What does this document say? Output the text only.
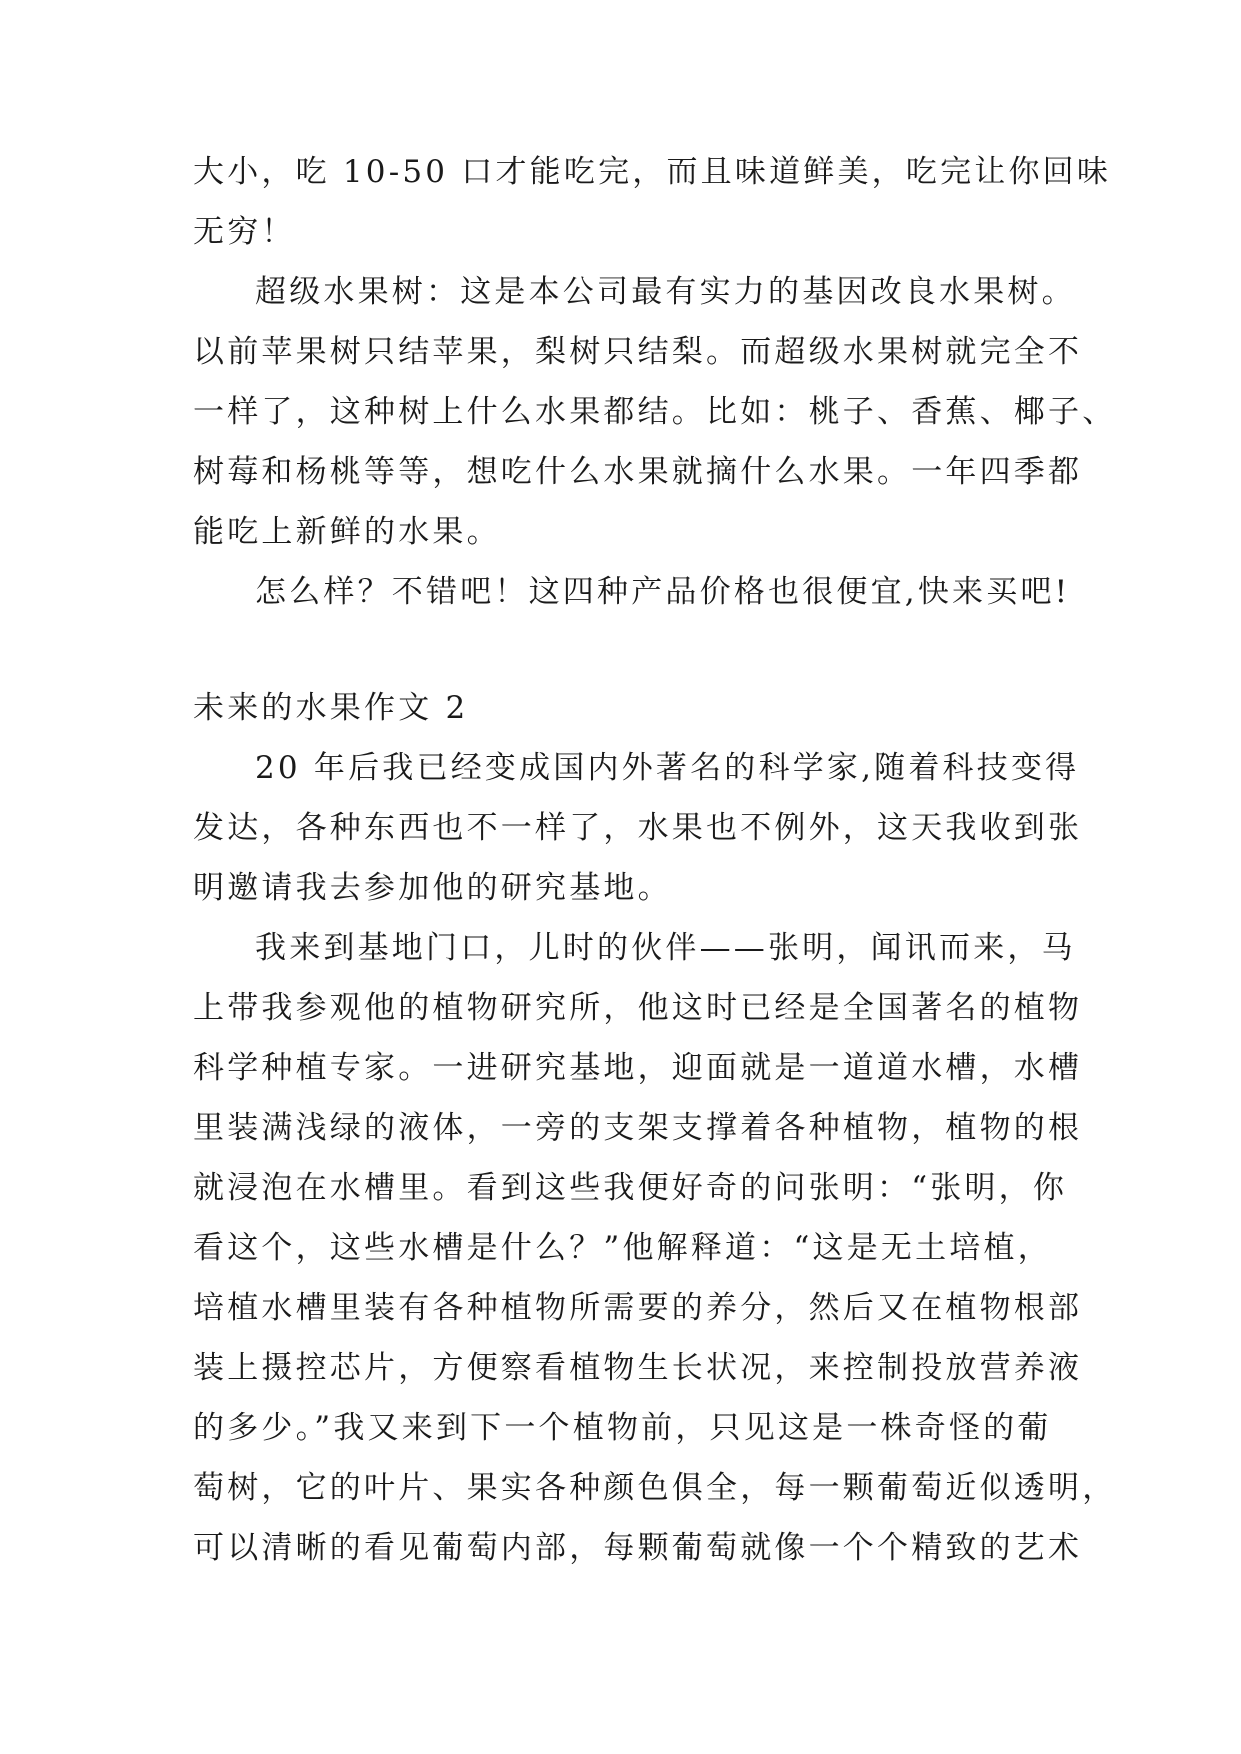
大小，吃 10-50 口才能吃完，而且味道鲜美，吃完让你回味

无穷！

超级水果树：这是本公司最有实力的基因改良水果树。

以前苹果树只结苹果，梨树只结梨。而超级水果树就完全不

一样了，这种树上什么水果都结。比如：桃子、香蕉、椰子、

树莓和杨桃等等，想吃什么水果就摘什么水果。一年四季都

能吃上新鲜的水果。

怎么样？不错吧！这四种产品价格也很便宜,快来买吧!

未来的水果作文 2

20 年后我已经变成国内外著名的科学家,随着科技变得

发达，各种东西也不一样了，水果也不例外，这天我收到张

明邀请我去参加他的研究基地。

我来到基地门口，儿时的伙伴——张明，闻讯而来，马

上带我参观他的植物研究所，他这时已经是全国著名的植物

科学种植专家。一进研究基地，迎面就是一道道水槽，水槽

里装满浅绿的液体，一旁的支架支撑着各种植物，植物的根

就浸泡在水槽里。看到这些我便好奇的问张明：“张明，你

看这个，这些水槽是什么？”他解释道：“这是无土培植，

培植水槽里装有各种植物所需要的养分，然后又在植物根部

装上摄控芯片，方便察看植物生长状况，来控制投放营养液

的多少。”我又来到下一个植物前，只见这是一株奇怪的葡

萄树，它的叶片、果实各种颜色俱全，每一颗葡萄近似透明，

可以清晰的看见葡萄内部，每颗葡萄就像一个个精致的艺术
